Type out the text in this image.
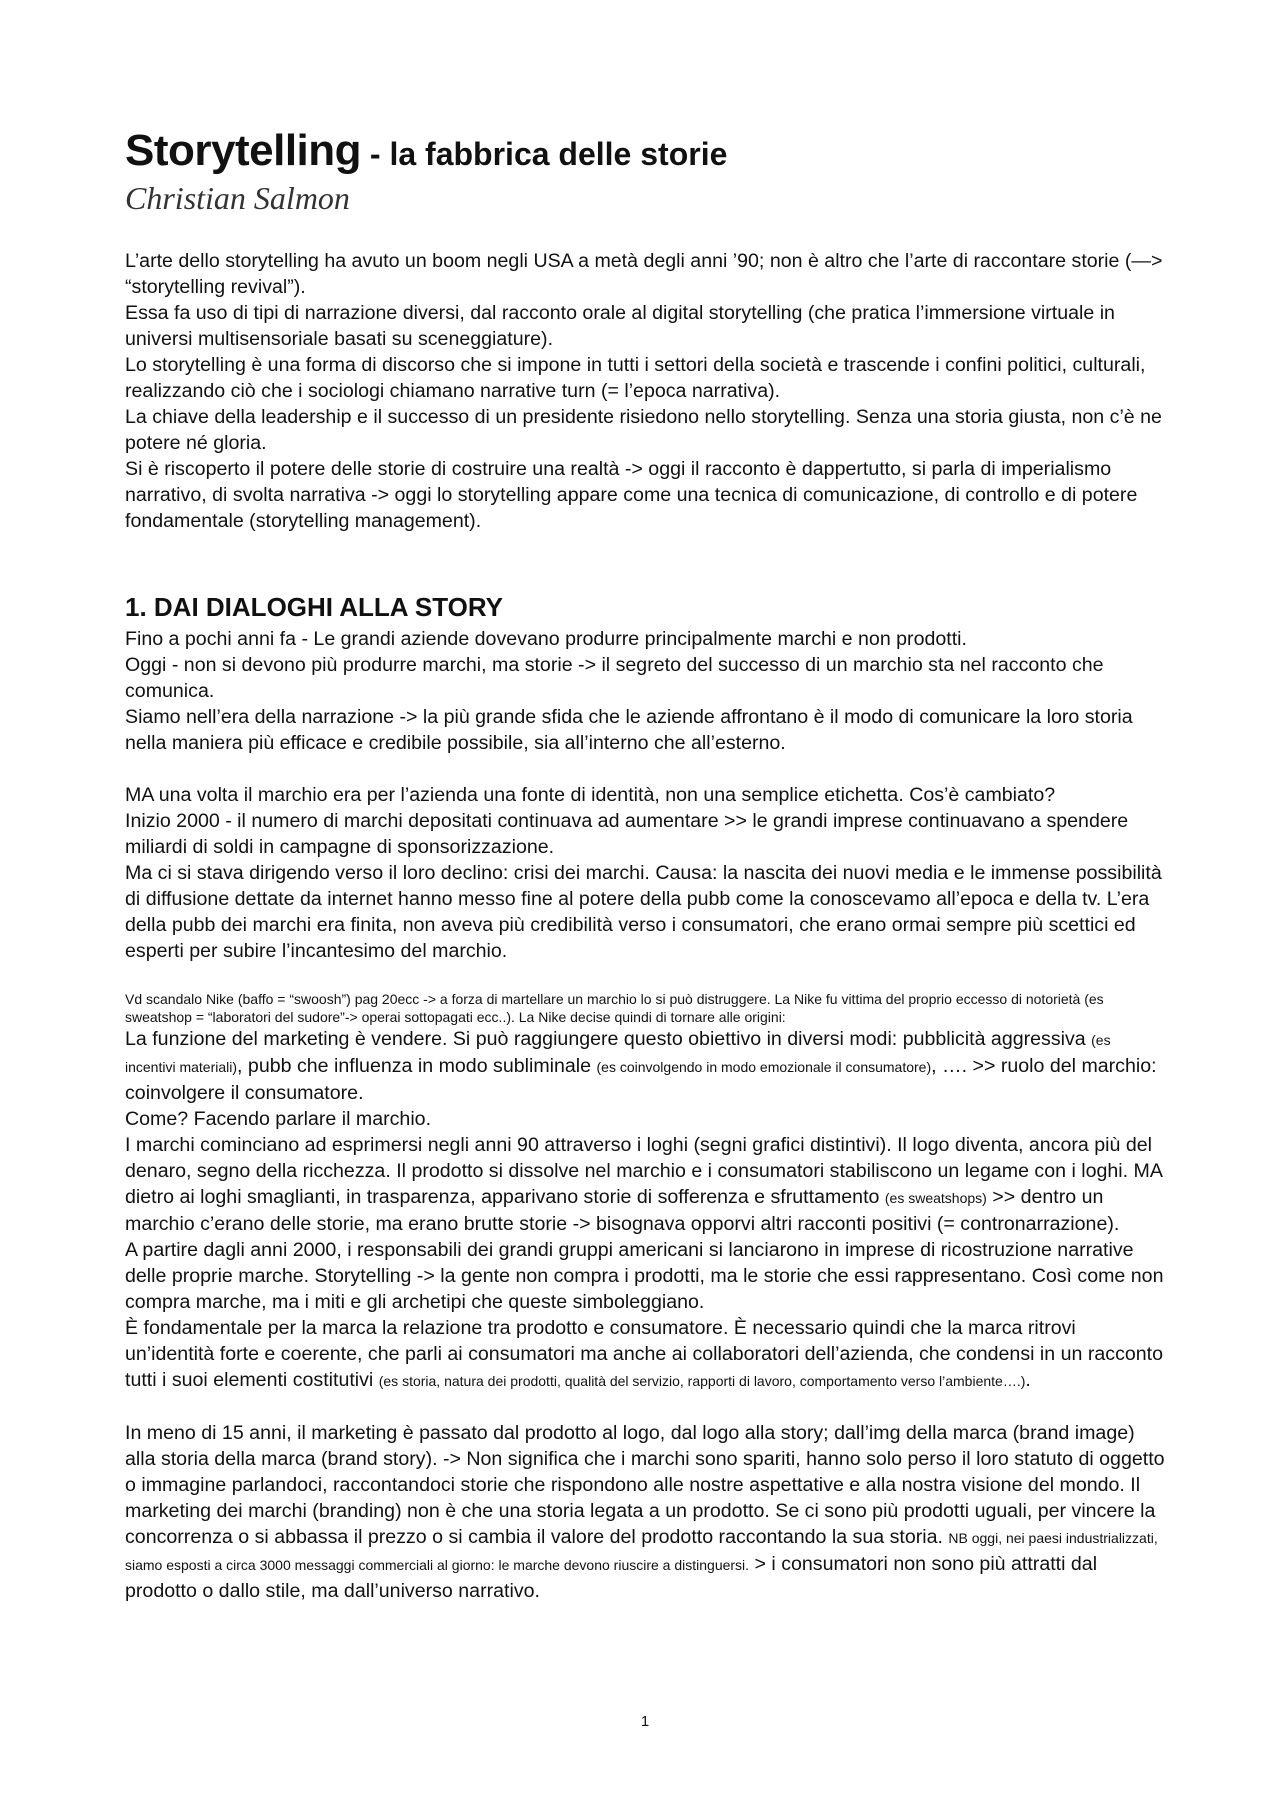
Storytelling - la fabbrica delle storie
Christian Salmon

L’arte dello storytelling ha avuto un boom negli USA a metà degli anni ’90; non è altro che l’arte di raccontare storie (—> “storytelling revival”).

Essa fa uso di tipi di narrazione diversi, dal racconto orale al digital storytelling (che pratica l’immersione virtuale in universi multisensoriale basati su sceneggiature).

Lo storytelling è una forma di discorso che si impone in tutti i settori della società e trascende i confini politici, culturali, realizzando ciò che i sociologi chiamano narrative turn (= l’epoca narrativa).

La chiave della leadership e il successo di un presidente risiedono nello storytelling. Senza una storia giusta, non c’è ne potere né gloria.

Si è riscoperto il potere delle storie di costruire una realtà -> oggi il racconto è dappertutto, si parla di imperialismo narrativo, di svolta narrativa -> oggi lo storytelling appare come una tecnica di comunicazione, di controllo e di potere fondamentale (storytelling management).

1. DAI DIALOGHI ALLA STORY

Fino a pochi anni fa - Le grandi aziende dovevano produrre principalmente marchi e non prodotti.

Oggi - non si devono più produrre marchi, ma storie -> il segreto del successo di un marchio sta nel racconto che comunica.

Siamo nell’era della narrazione -> la più grande sfida che le aziende affrontano è il modo di comunicare la loro storia nella maniera più efficace e credibile possibile, sia all’interno che all’esterno.

MA una volta il marchio era per l’azienda una fonte di identità, non una semplice etichetta. Cos’è cambiato?

Inizio 2000 - il numero di marchi depositati continuava ad aumentare >> le grandi imprese continuavano a spendere miliardi di soldi in campagne di sponsorizzazione.

Ma ci si stava dirigendo verso il loro declino: crisi dei marchi. Causa: la nascita dei nuovi media e le immense possibilità di diffusione dettate da internet hanno messo fine al potere della pubb come la conoscevamo all’epoca e della tv. L’era della pubb dei marchi era finita, non aveva più credibilità verso i consumatori, che erano ormai sempre più scettici ed esperti per subire l’incantesimo del marchio.

Vd scandalo Nike (baffo = “swoosh”) pag 20ecc -> a forza di martellare un marchio lo si può distruggere. La Nike fu vittima del proprio eccesso di notorietà (es sweatshop = “laboratori del sudore”-> operai sottopagati ecc..). La Nike decise quindi di tornare alle origini:

La funzione del marketing è vendere. Si può raggiungere questo obiettivo in diversi modi: pubblicità aggressiva (es incentivi materiali), pubb che influenza in modo subliminale (es coinvolgendo in modo emozionale il consumatore), …. >> ruolo del marchio: coinvolgere il consumatore.

Come? Facendo parlare il marchio.

I marchi cominciano ad esprimersi negli anni 90 attraverso i loghi (segni grafici distintivi). Il logo diventa, ancora più del denaro, segno della ricchezza. Il prodotto si dissolve nel marchio e i consumatori stabiliscono un legame con i loghi. MA dietro ai loghi smaglianti, in trasparenza, apparivano storie di sofferenza e sfruttamento (es sweatshops) >> dentro un marchio c’erano delle storie, ma erano brutte storie -> bisognava opporvi altri racconti positivi (= contronarrazione).

A partire dagli anni 2000, i responsabili dei grandi gruppi americani si lanciarono in imprese di ricostruzione narrative delle proprie marche. Storytelling -> la gente non compra i prodotti, ma le storie che essi rappresentano. Così come non compra marche, ma i miti e gli archetipi che queste simboleggiano.

È fondamentale per la marca la relazione tra prodotto e consumatore. È necessario quindi che la marca ritrovi un’identità forte e coerente, che parli ai consumatori ma anche ai collaboratori dell’azienda, che condensi in un racconto tutti i suoi elementi costitutivi (es storia, natura dei prodotti, qualità del servizio, rapporti di lavoro, comportamento verso l’ambiente….).

In meno di 15 anni, il marketing è passato dal prodotto al logo, dal logo alla story; dall’img della marca (brand image) alla storia della marca (brand story). -> Non significa che i marchi sono spariti, hanno solo perso il loro statuto di oggetto o immagine parlandoci, raccontandoci storie che rispondono alle nostre aspettative e alla nostra visione del mondo. Il marketing dei marchi (branding) non è che una storia legata a un prodotto. Se ci sono più prodotti uguali, per vincere la concorrenza o si abbassa il prezzo o si cambia il valore del prodotto raccontando la sua storia. NB oggi, nei paesi industrializzati, siamo esposti a circa 3000 messaggi commerciali al giorno: le marche devono riuscire a distinguersi. > i consumatori non sono più attratti dal prodotto o dallo stile, ma dall’universo narrativo.

1
